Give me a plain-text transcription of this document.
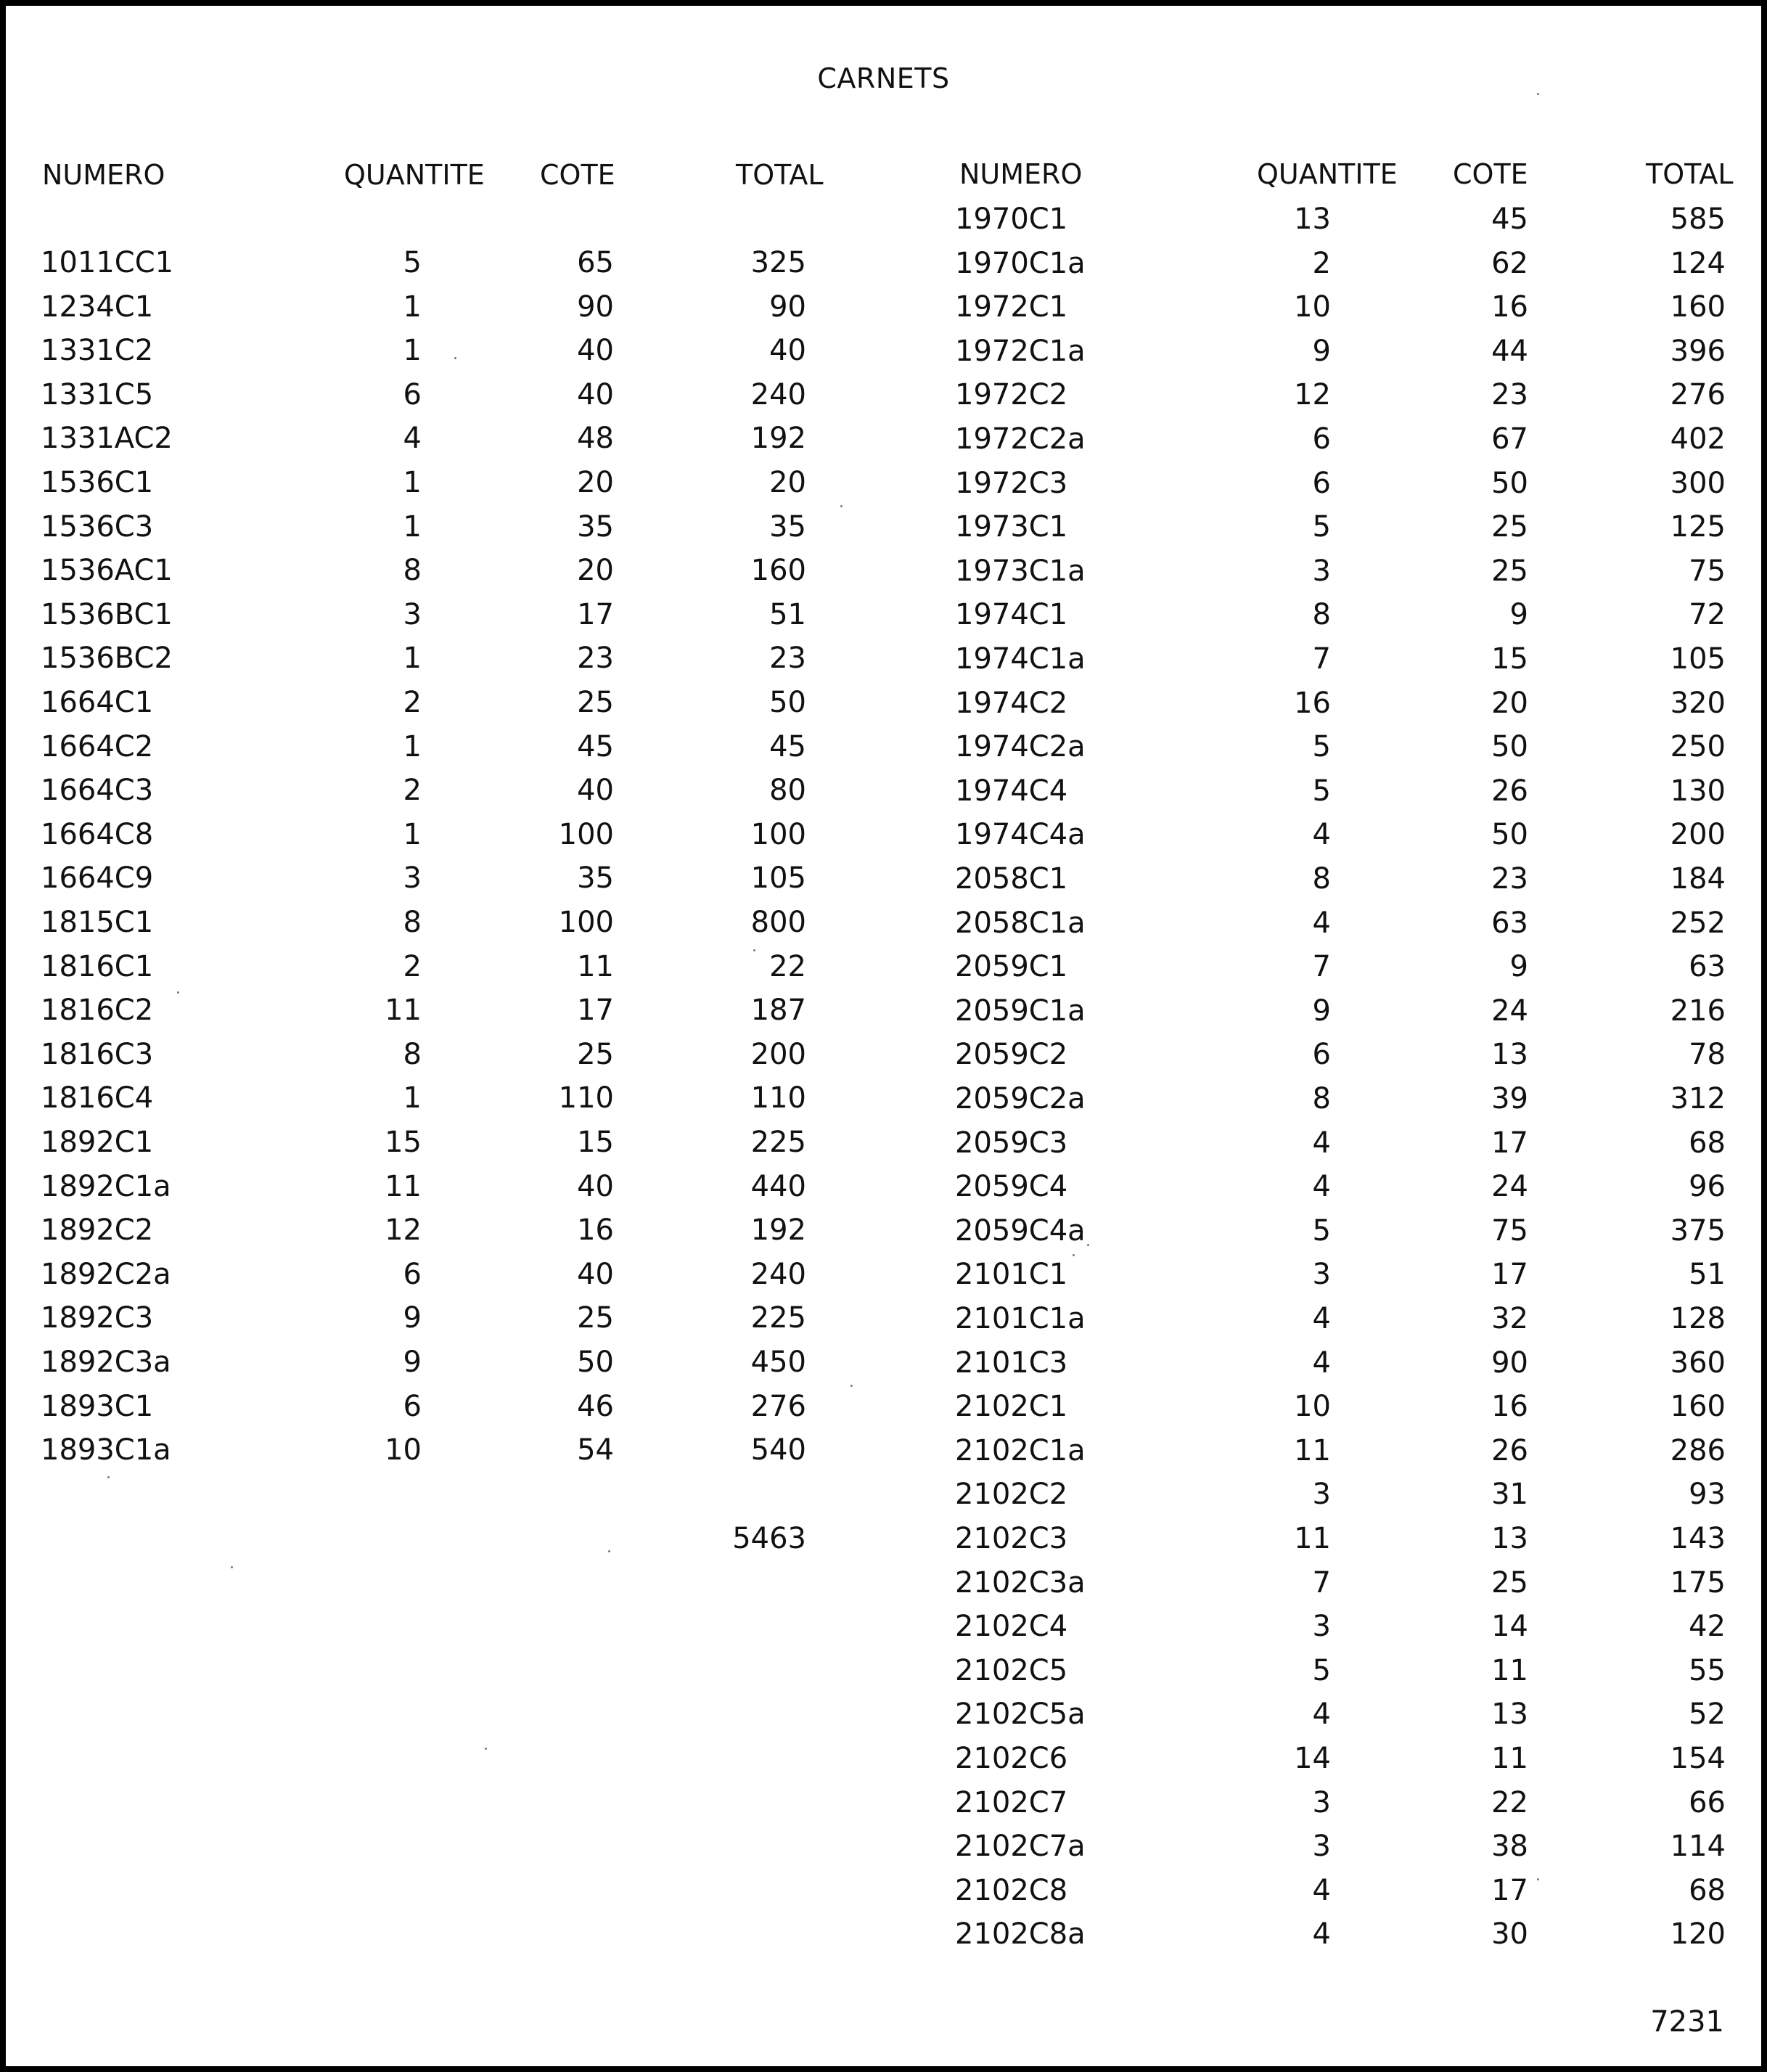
CARNETS
NUMERO	QUANTITE COTE	TOTAL
1011CC1	5	65	325
1234C1	1	90	90
1331C2	1	40	40
1331C5	6	40	240
1331AC2	4	48	192
1536C1	1	20	20
1536C3	1	35	35
1536AC1	8	20	160
1536BC1	3	17	51
1536BC2	1	23	23
1664C1	2	25	50
1664C2	1	45	45
1664C3	2	40	80
1664C8	1	100	100
1664C9	3	35	105
1815C1	8	100	800
1816C1	2	11	22
1816C2	11	17	187
1816C3	8	25	200
1816C4	1	110	110
1892C1	15	15	225
1892C1a	11	40	440
1892C2	12	16	192
1892C2a	6	40	240
1892C3	9	25	225
1892C3a	9	50	450
1893C1	6	46	276
1893C1a	10	54	540
5463
NUMERO	QUANTITE COTE	TOTAL
1970C1	13	45	585
1970C1a	2	62	124
1972C1	10	16	160
1972C1a	9	44	396
1972C2	12	23	276
1972C2a	6	67	402
1972C3	6	50	300
1973C1	5	25	125
1973C1a	3	25	75
1974C1	8	9	72
1974C1a	7	15	105
1974C2	16	20	320
1974C2a	5	50	250
1974C4	5	26	130
1974C4a	4	50	200
2058C1	8	23	184
2058C1a	4	63	252
2059C1	7	9	63
2059C1a	9	24	216
2059C2	6	13	78
2059C2a	8	39	312
2059C3	4	17	68
2059C4	4	24	96
2059C4a	5	75	375
2101C1	3	17	51
2101C1a	4	32	128
2101C3	4	90	360
2102C1	10	16	160
2102C1a	11	26	286
2102C2	3	31	93
2102C3	11	13	143
2102C3a	7	25	175
2102C4	3	14	42
2102C5	5	11	55
2102C5a	4	13	52
2102C6	14	11	154
2102C7	3	22	66
2102C7a	3	38	114
2102C8	4	17	68
2102C8a	4	30	120
7231
